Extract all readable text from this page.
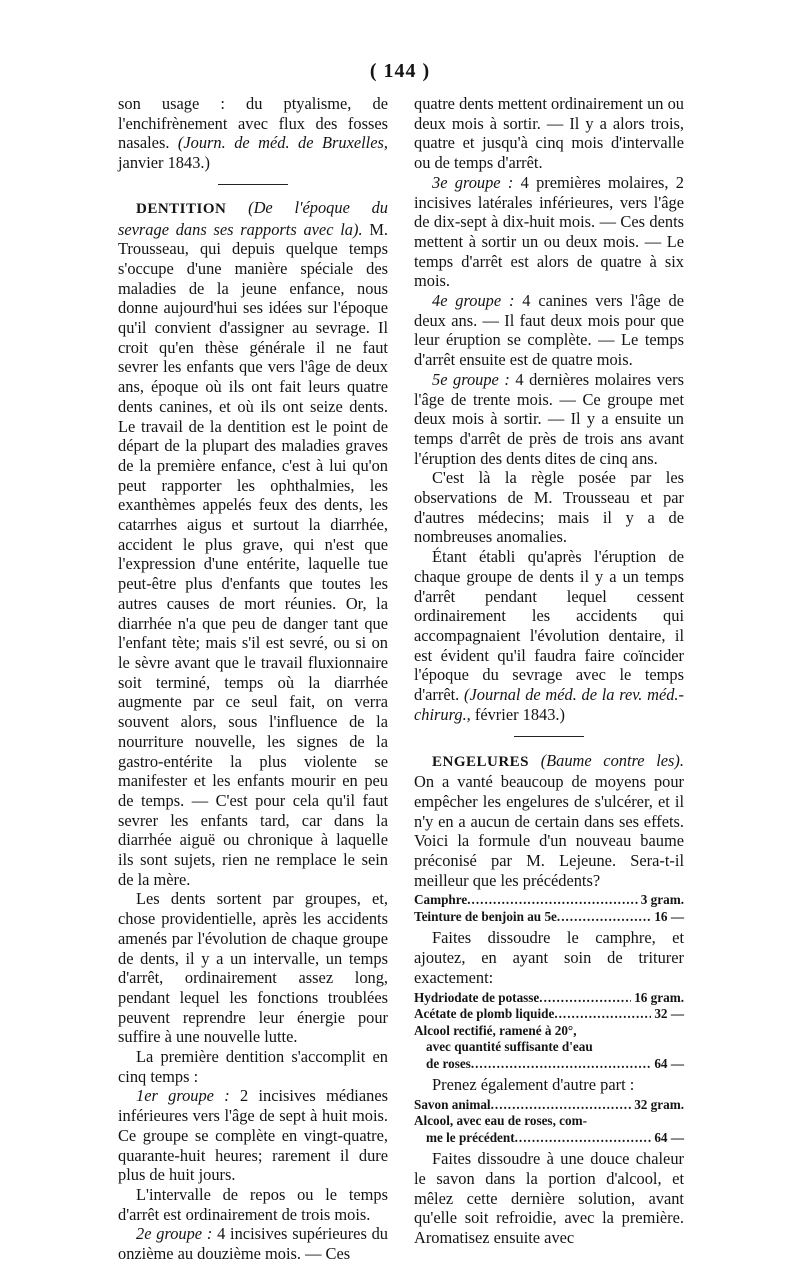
( 144 )

son usage : du ptyalisme, de l'enchifrènement avec flux des fosses nasales. (Journ. de méd. de Bruxelles, janvier 1843.)

DENTITION (De l'époque du sevrage dans ses rapports avec la). M. Trousseau, qui depuis quelque temps s'occupe d'une manière spéciale des maladies de la jeune enfance, nous donne aujourd'hui ses idées sur l'époque qu'il convient d'assigner au sevrage. Il croit qu'en thèse générale il ne faut sevrer les enfants que vers l'âge de deux ans, époque où ils ont fait leurs quatre dents canines, et où ils ont seize dents. Le travail de la dentition est le point de départ de la plupart des maladies graves de la première enfance, c'est à lui qu'on peut rapporter les ophthalmies, les exanthèmes appelés feux des dents, les catarrhes aigus et surtout la diarrhée, accident le plus grave, qui n'est que l'expression d'une entérite, laquelle tue peut-être plus d'enfants que toutes les autres causes de mort réunies. Or, la diarrhée n'a que peu de danger tant que l'enfant tète; mais s'il est sevré, ou si on le sèvre avant que le travail fluxionnaire soit terminé, temps où la diarrhée augmente par ce seul fait, on verra souvent alors, sous l'influence de la nourriture nouvelle, les signes de la gastro-entérite la plus violente se manifester et les enfants mourir en peu de temps. — C'est pour cela qu'il faut sevrer les enfants tard, car dans la diarrhée aiguë ou chronique à laquelle ils sont sujets, rien ne remplace le sein de la mère.

Les dents sortent par groupes, et, chose providentielle, après les accidents amenés par l'évolution de chaque groupe de dents, il y a un intervalle, un temps d'arrêt, ordinairement assez long, pendant lequel les fonctions troublées peuvent reprendre leur énergie pour suffire à une nouvelle lutte.

La première dentition s'accomplit en cinq temps :

1er groupe : 2 incisives médianes inférieures vers l'âge de sept à huit mois. Ce groupe se complète en vingt-quatre, quarante-huit heures; rarement il dure plus de huit jours.

L'intervalle de repos ou le temps d'arrêt est ordinairement de trois mois.

2e groupe : 4 incisives supérieures du onzième au douzième mois. — Ces

quatre dents mettent ordinairement un ou deux mois à sortir. — Il y a alors trois, quatre et jusqu'à cinq mois d'intervalle ou de temps d'arrêt.

3e groupe : 4 premières molaires, 2 incisives latérales inférieures, vers l'âge de dix-sept à dix-huit mois. — Ces dents mettent à sortir un ou deux mois. — Le temps d'arrêt est alors de quatre à six mois.

4e groupe : 4 canines vers l'âge de deux ans. — Il faut deux mois pour que leur éruption se complète. — Le temps d'arrêt ensuite est de quatre mois.

5e groupe : 4 dernières molaires vers l'âge de trente mois. — Ce groupe met deux mois à sortir. — Il y a ensuite un temps d'arrêt de près de trois ans avant l'éruption des dents dites de cinq ans.

C'est là la règle posée par les observations de M. Trousseau et par d'autres médecins; mais il y a de nombreuses anomalies.

Étant établi qu'après l'éruption de chaque groupe de dents il y a un temps d'arrêt pendant lequel cessent ordinairement les accidents qui accompagnaient l'évolution dentaire, il est évident qu'il faudra faire coïncider l'époque du sevrage avec le temps d'arrêt. (Journal de méd. de la rev. méd.-chirurg., février 1843.)

ENGELURES (Baume contre les). On a vanté beaucoup de moyens pour empêcher les engelures de s'ulcérer, et il n'y en a aucun de certain dans ses effets. Voici la formule d'un nouveau baume préconisé par M. Lejeune. Sera-t-il meilleur que les précédents?

Camphre .....	3 gram.
Teinture de benjoin au 5e .....	16 —

Faites dissoudre le camphre, et ajoutez, en ayant soin de triturer exactement:

Hydriodate de potasse .....	16 gram.
Acétate de plomb liquide .....	32 —
Alcool rectifié, ramené à 20°,
avec quantité suffisante d'eau
de roses .....	64 —

Prenez également d'autre part :

Savon animal .....	32 gram.
Alcool, avec eau de roses, com-
me le précédent .....	64 —

Faites dissoudre à une douce chaleur le savon dans la portion d'alcool, et mêlez cette dernière solution, avant qu'elle soit refroidie, avec la première. Aromatisez ensuite avec
